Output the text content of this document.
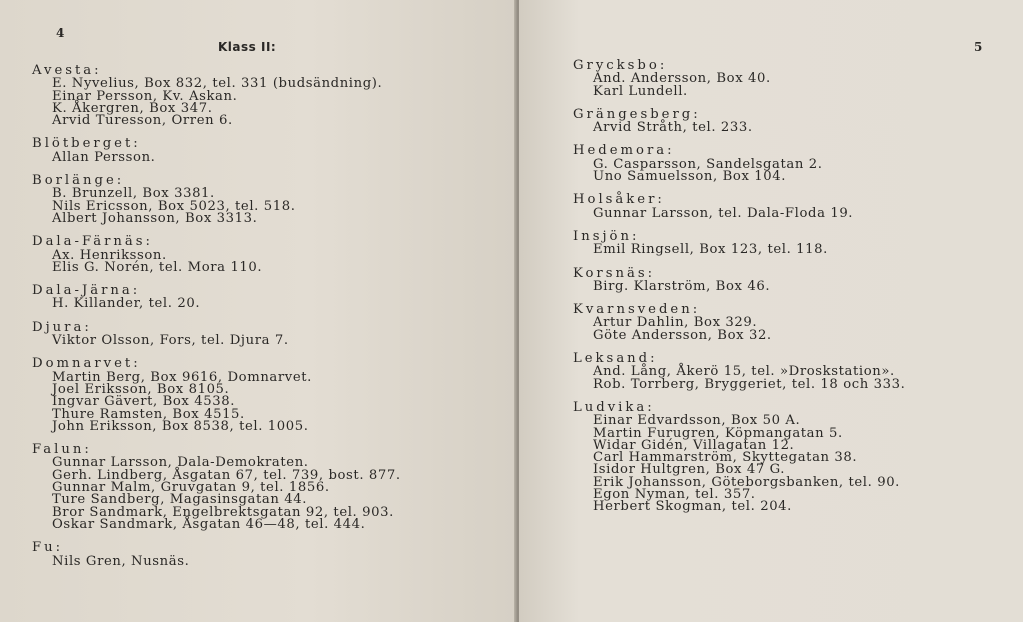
4
Klass II:
Avesta:
E. Nyvelius, Box 832, tel. 331 (budsändning).
Einar Persson, Kv. Askan.
K. Åkergren, Box 347.
Arvid Turesson, Orren 6.
Blötberget:
Allan Persson.
Borlänge:
B. Brunzell, Box 3381.
Nils Ericsson, Box 5023, tel. 518.
Albert Johansson, Box 3313.
Dala-Färnäs:
Ax. Henriksson.
Elis G. Norén, tel. Mora 110.
Dala-Järna:
H. Killander, tel. 20.
Djura:
Viktor Olsson, Fors, tel. Djura 7.
Domnarvet:
Martin Berg, Box 9616, Domnarvet.
Joel Eriksson, Box 8105.
Ingvar Gävert, Box 4538.
Thure Ramsten, Box 4515.
John Eriksson, Box 8538, tel. 1005.
Falun:
Gunnar Larsson, Dala-Demokraten.
Gerh. Lindberg, Åsgatan 67, tel. 739, bost. 877.
Gunnar Malm, Gruvgatan 9, tel. 1856.
Ture Sandberg, Magasinsgatan 44.
Bror Sandmark, Engelbrektsgatan 92, tel. 903.
Oskar Sandmark, Åsgatan 46—48, tel. 444.
Fu:
Nils Gren, Nusnäs.
5
Grycksbo:
And. Andersson, Box 40.
Karl Lundell.
Grängesberg:
Arvid Stråth, tel. 233.
Hedemora:
G. Casparsson, Sandelsgatan 2.
Uno Samuelsson, Box 104.
Holsåker:
Gunnar Larsson, tel. Dala-Floda 19.
Insjön:
Emil Ringsell, Box 123, tel. 118.
Korsnäs:
Birg. Klarström, Box 46.
Kvarnsveden:
Artur Dahlin, Box 329.
Göte Andersson, Box 32.
Leksand:
And. Lång, Åkerö 15, tel. »Droskstation».
Rob. Torrberg, Bryggeriet, tel. 18 och 333.
Ludvika:
Einar Edvardsson, Box 50 A.
Martin Furugren, Köpmangatan 5.
Widar Gidén, Villagatan 12.
Carl Hammarström, Skyttegatan 38.
Isidor Hultgren, Box 47 G.
Erik Johansson, Göteborgsbanken, tel. 90.
Egon Nyman, tel. 357.
Herbert Skogman, tel. 204.
